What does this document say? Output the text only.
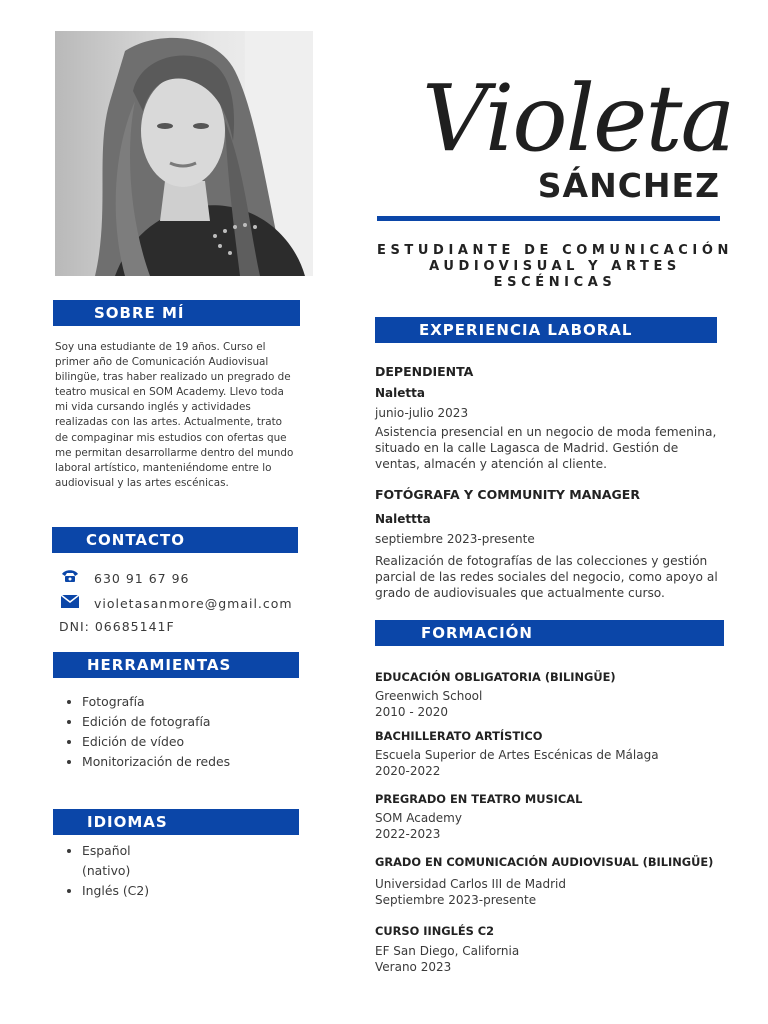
Violeta
SÁNCHEZ
ESTUDIANTE DE COMUNICACIÓN
AUDIOVISUAL Y ARTES
ESCÉNICAS
SOBRE MÍ
Soy una estudiante de 19 años. Curso el primer año de Comunicación Audiovisual bilingüe, tras haber realizado un pregrado de teatro musical en SOM Academy. Llevo toda mi vida cursando inglés y actividades realizadas con las artes. Actualmente, trato de compaginar mis estudios con ofertas que me permitan desarrollarme dentro del mundo laboral artístico, manteniéndome entre lo audiovisual y las artes escénicas.
CONTACTO
630 91 67 96
violetasanmore@gmail.com
DNI: 06685141F
HERRAMIENTAS
• Fotografía
• Edición de fotografía
• Edición de vídeo
• Monitorización de redes
IDIOMAS
• Español
(nativo)
• Inglés (C2)
EXPERIENCIA LABORAL
DEPENDIENTA
Naletta
junio-julio 2023
Asistencia presencial en un negocio de moda femenina, situado en la calle Lagasca de Madrid. Gestión de ventas, almacén y atención al cliente.
FOTÓGRAFA Y COMMUNITY MANAGER
Nalettta
septiembre 2023-presente
Realización de fotografías de las colecciones y gestión parcial de las redes sociales del negocio, como apoyo al grado de audiovisuales que actualmente curso.
FORMACIÓN
EDUCACIÓN OBLIGATORIA (BILINGÜE)
Greenwich School
2010 - 2020
BACHILLERATO ARTÍSTICO
Escuela Superior de Artes Escénicas de Málaga
2020-2022
PREGRADO EN TEATRO MUSICAL
SOM Academy
2022-2023
GRADO EN COMUNICACIÓN AUDIOVISUAL (BILINGÜE)
Universidad Carlos III de Madrid
Septiembre 2023-presente
CURSO IINGLÉS C2
EF San Diego, California
Verano 2023
